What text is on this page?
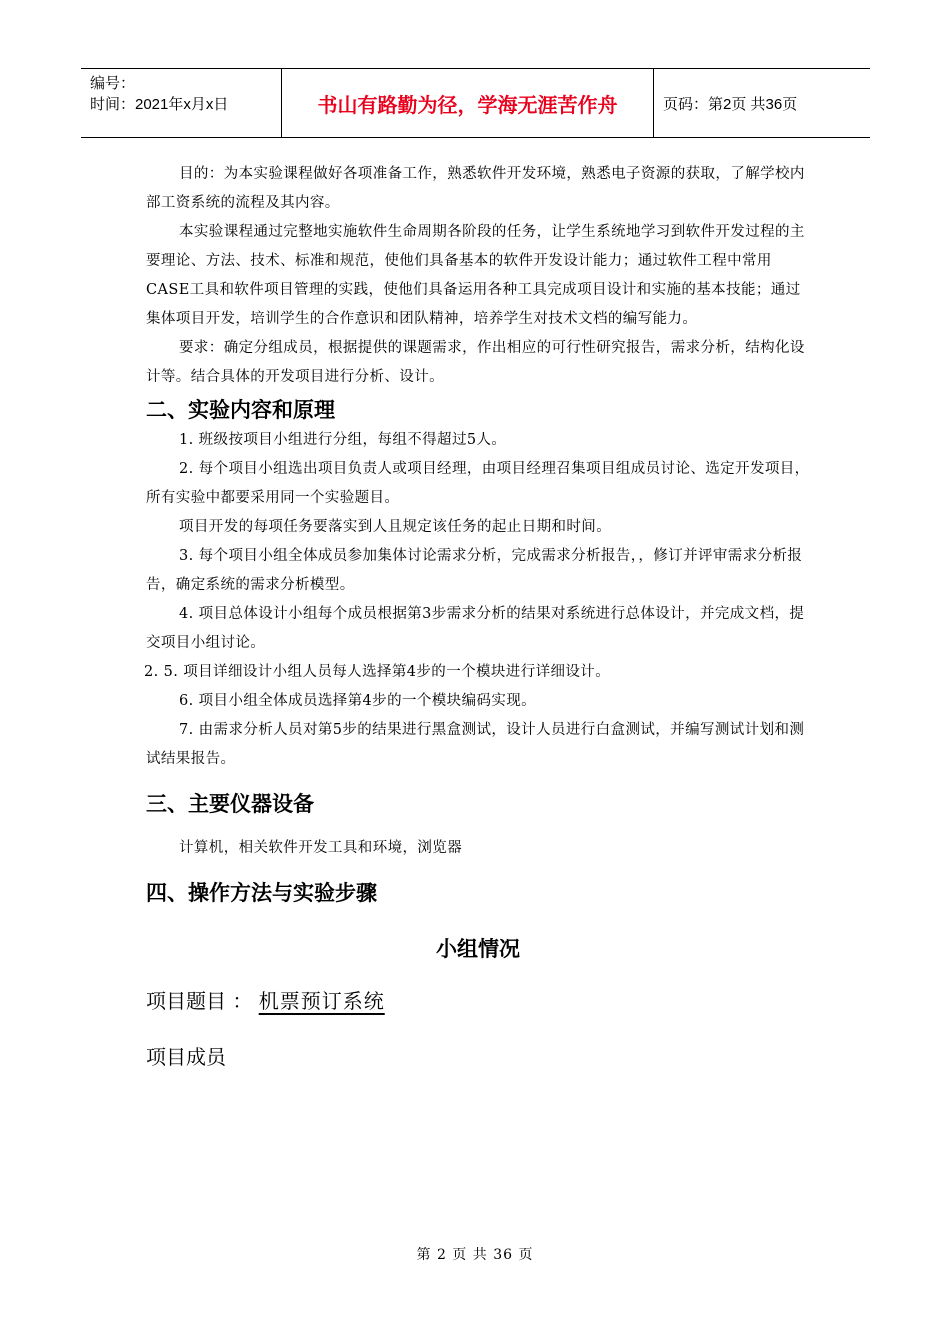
编号：
时间：2021年x月x日	书山有路勤为径，学海无涯苦作舟	页码：第2页 共36页

目的：为本实验课程做好各项准备工作，熟悉软件开发环境，熟悉电子资源的获取，了解学校内部工资系统的流程及其内容。

本实验课程通过完整地实施软件生命周期各阶段的任务，让学生系统地学习到软件开发过程的主要理论、方法、技术、标准和规范，使他们具备基本的软件开发设计能力；通过软件工程中常用CASE工具和软件项目管理的实践，使他们具备运用各种工具完成项目设计和实施的基本技能；通过集体项目开发，培训学生的合作意识和团队精神，培养学生对技术文档的编写能力。

要求：确定分组成员，根据提供的课题需求，作出相应的可行性研究报告，需求分析，结构化设计等。结合具体的开发项目进行分析、设计。

二、实验内容和原理

1. 班级按项目小组进行分组，每组不得超过5人。

2. 每个项目小组选出项目负责人或项目经理，由项目经理召集项目组成员讨论、选定开发项目，所有实验中都要采用同一个实验题目。

项目开发的每项任务要落实到人且规定该任务的起止日期和时间。

3. 每个项目小组全体成员参加集体讨论需求分析，完成需求分析报告，，修订并评审需求分析报告，确定系统的需求分析模型。

4. 项目总体设计小组每个成员根据第3步需求分析的结果对系统进行总体设计，并完成文档，提交项目小组讨论。

2. 5. 项目详细设计小组人员每人选择第4步的一个模块进行详细设计。

6. 项目小组全体成员选择第4步的一个模块编码实现。

7. 由需求分析人员对第5步的结果进行黑盒测试，设计人员进行白盒测试，并编写测试计划和测试结果报告。

三、主要仪器设备

计算机，相关软件开发工具和环境，浏览器

四、操作方法与实验步骤
小组情况
项目题目 ： 机票预订系统
项目成员
第 2 页 共 36 页
